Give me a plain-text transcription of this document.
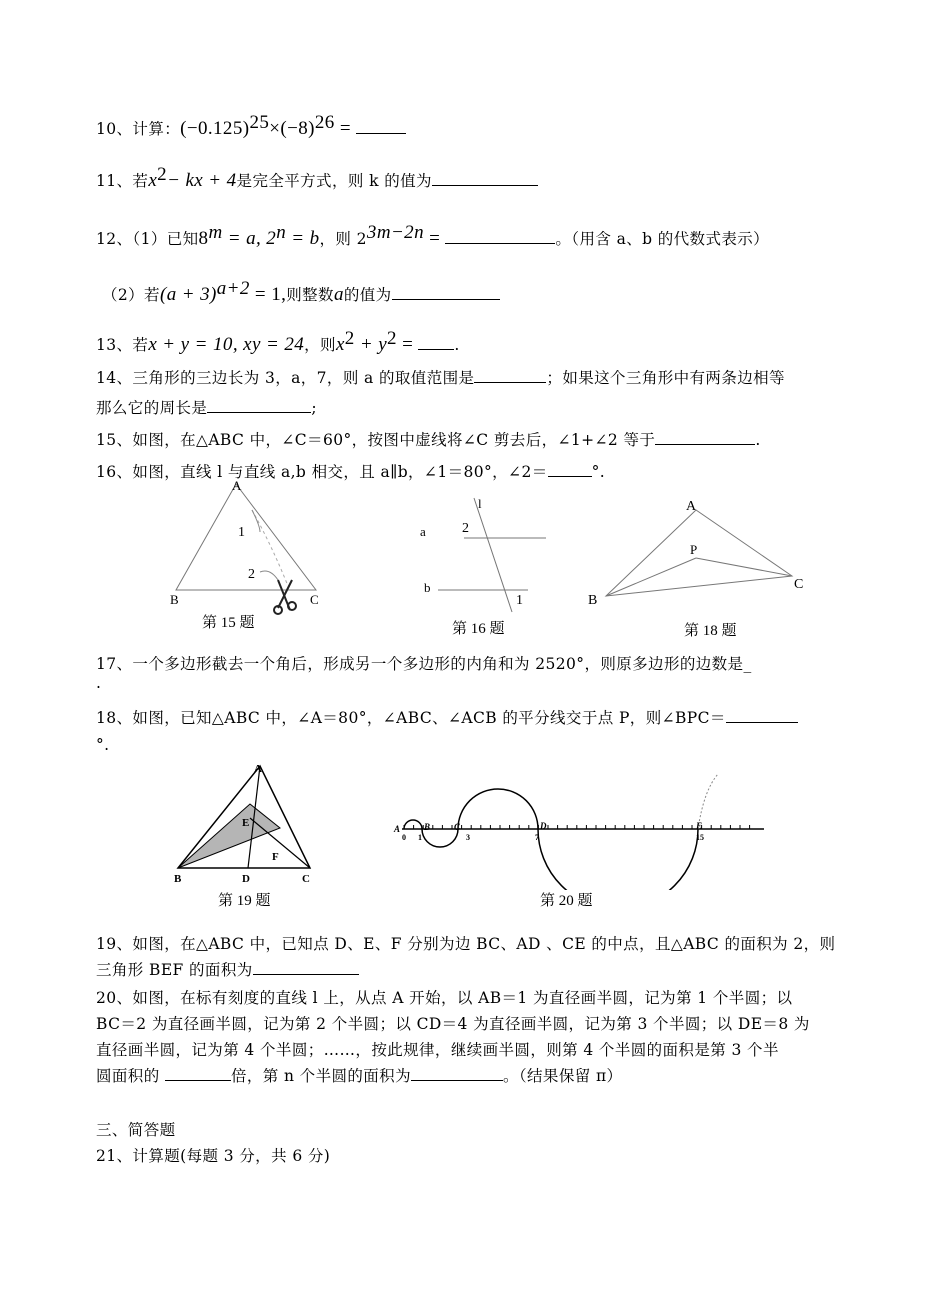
10、计算：$(-0.125)^{25}\times(-8)^{26}$ =
11、若$x^2-$ kx + 4是完全平方式，则 k 的值为
12、（1）已知$8^m = a$, $2^n = b$，则 $2^{3m-2n}$ =	。（用含 a、b 的代数式表示）
（2）若$(a + 3)^{a+2} = 1$,则整数a的值为
13、若x + y = 10, xy = 24，则$x^2 + y^2$ = .
14、三角形的三边长为 3，a，7，则 a 的取值范围是	；如果这个三角形中有两条边相等
那么它的周长是	;
15、如图，在△ABC 中，∠C＝60°，按图中虚线将∠C 剪去后，∠1+∠2 等于	.
16、如图，直线 l 与直线 a,b 相交，且 a∥b，∠1＝80°，∠2＝	°.
A
B	C
1
2
第 15 题
l
a
b
2
1
第 16 题
A
B
C
P
第 18 题
17、一个多边形截去一个角后，形成另一个多边形的内角和为 2520°，则原多边形的边数是_
.
18、如图，已知△ABC 中，∠A＝80°，∠ABC、∠ACB 的平分线交于点 P，则∠BPC＝
°.
A
E
F
B	D	C
第 19 题
A	B	C	D	E
0 1	3	7	15
第 20 题
19、如图，在△ABC 中，已知点 D、E、F 分别为边 BC、AD 、CE 的中点，且△ABC 的面积为 2，则
三角形 BEF 的面积为
20、如图，在标有刻度的直线 l 上，从点 A 开始，以 AB＝1 为直径画半圆，记为第 1 个半圆；以
BC＝2 为直径画半圆，记为第 2 个半圆；以 CD＝4 为直径画半圆，记为第 3 个半圆；以 DE＝8 为
直径画半圆，记为第 4 个半圆；……，按此规律，继续画半圆，则第 4 个半圆的面积是第 3 个半
圆面积的	倍，第 n 个半圆的面积为	。（结果保留 π）
三、简答题
21、计算题(每题 3 分，共 6 分)
